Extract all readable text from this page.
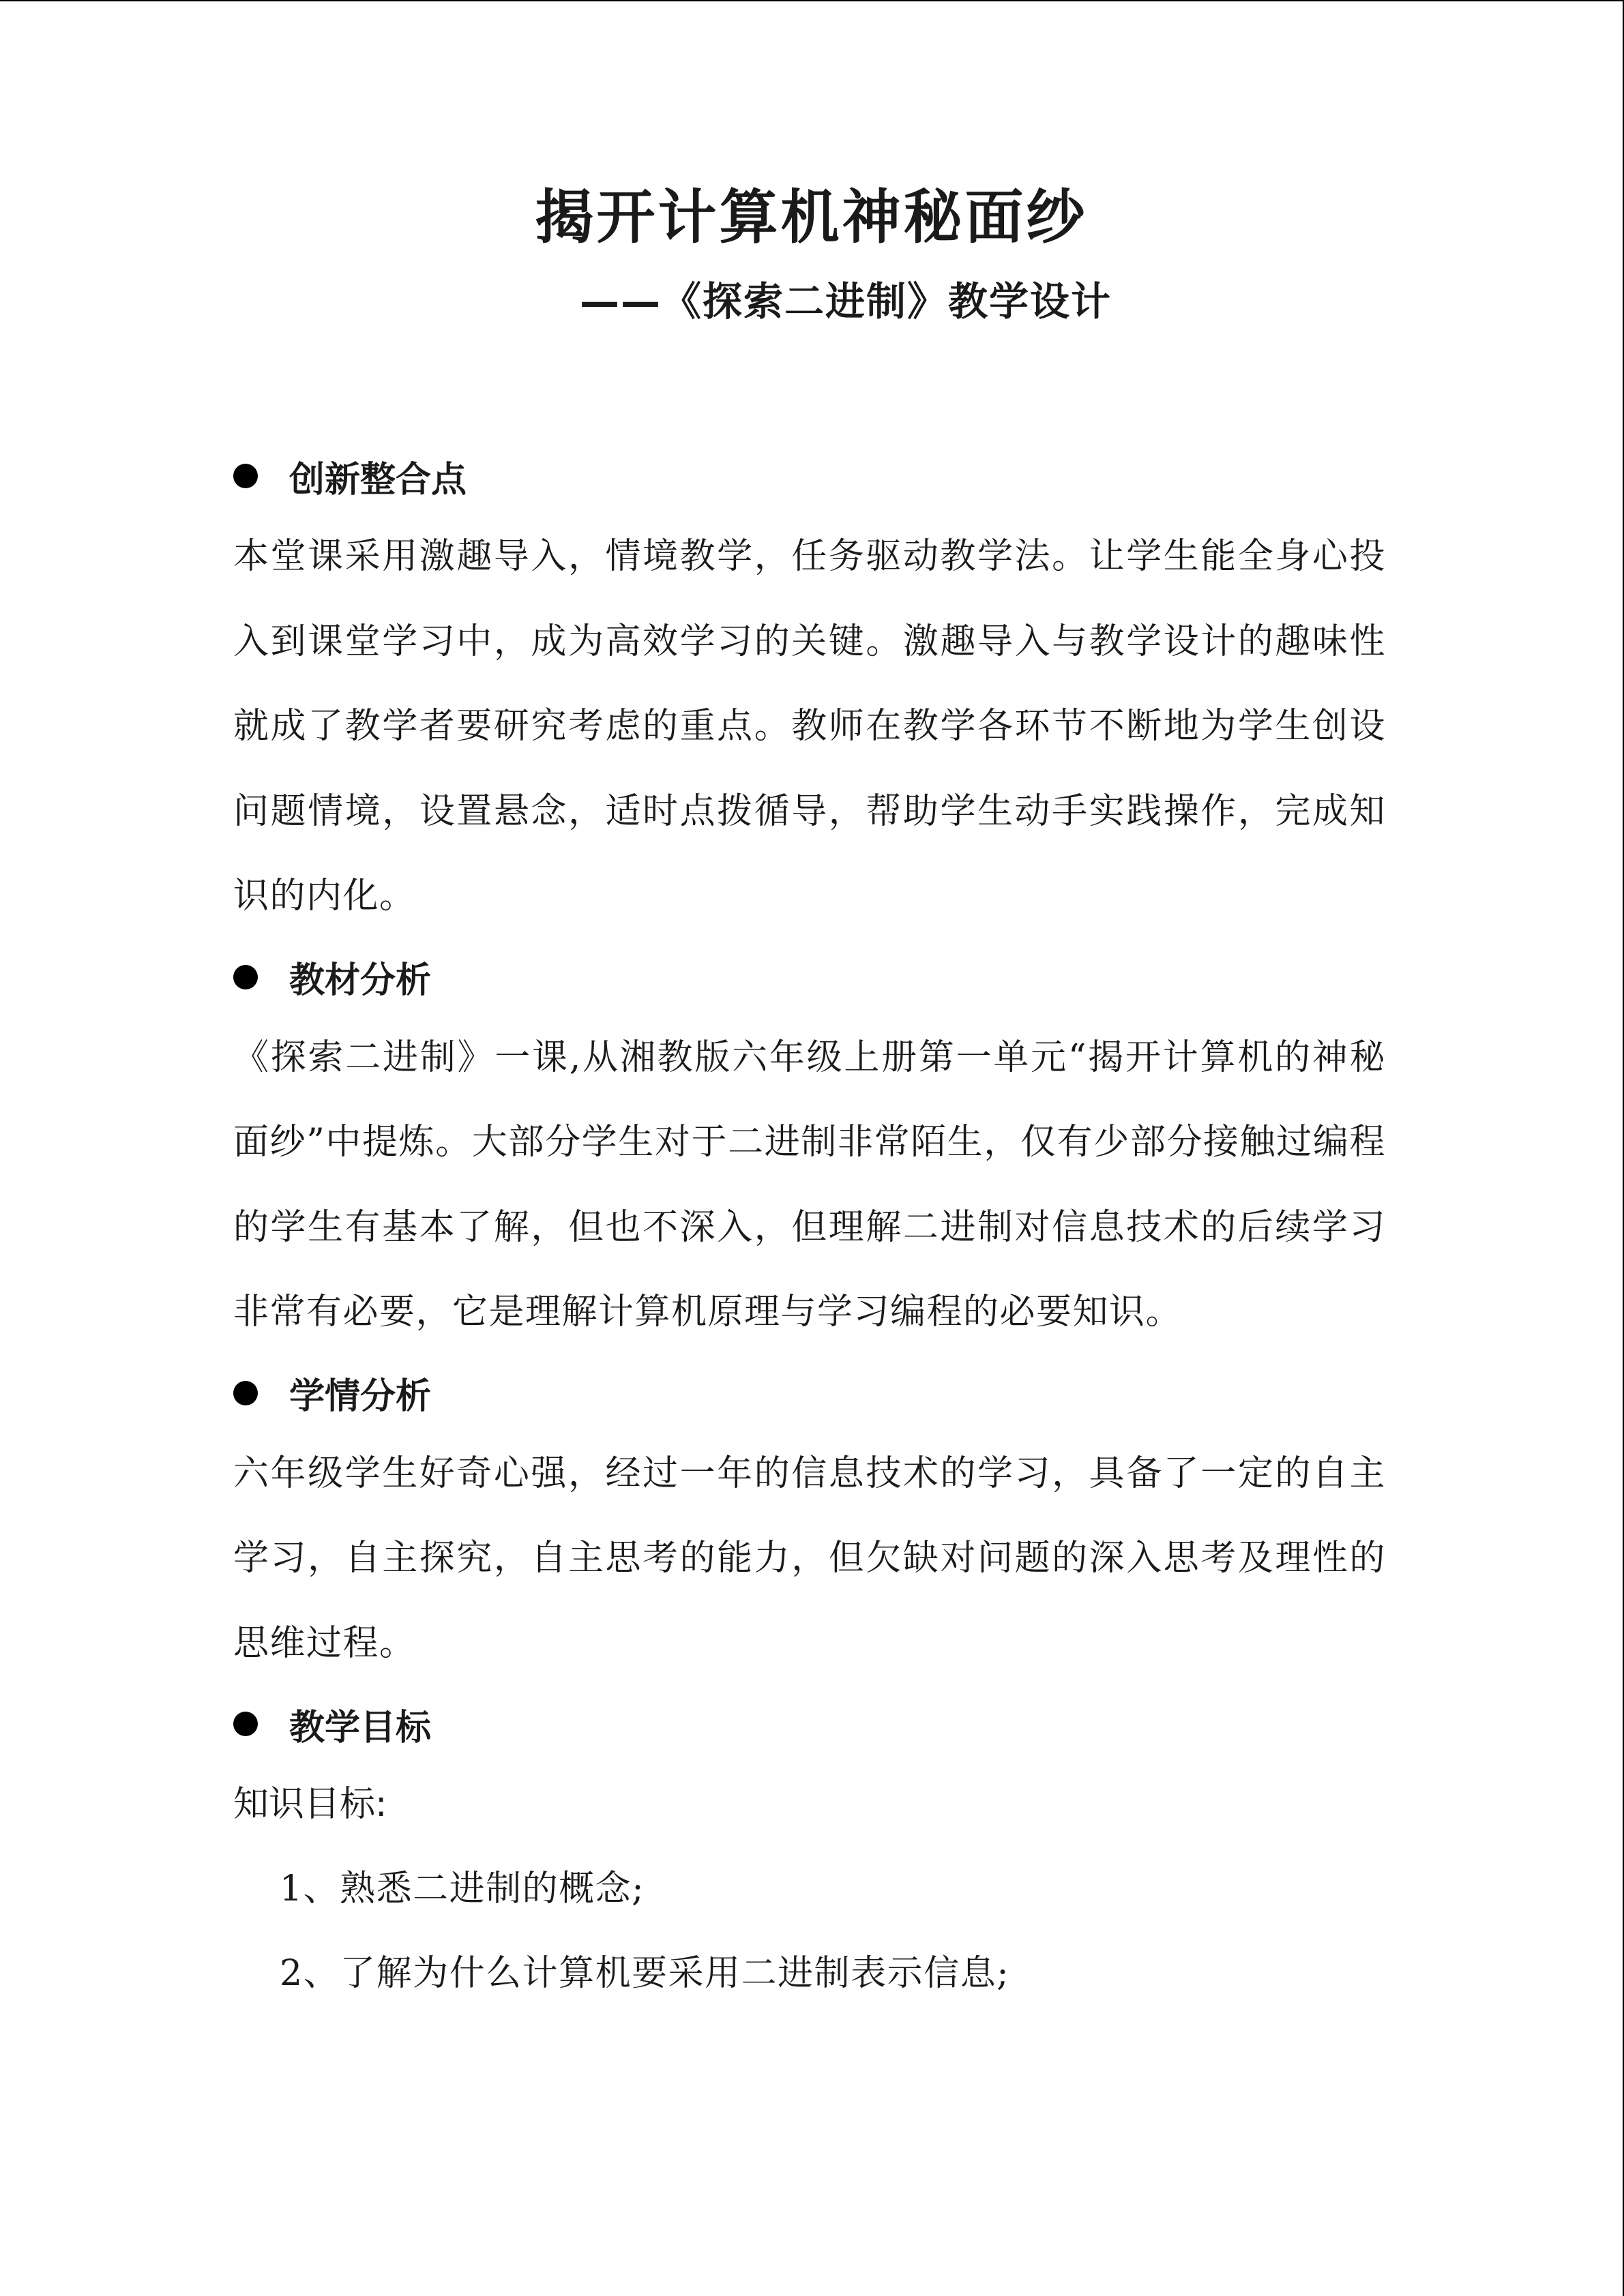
揭开计算机神秘面纱
——《探索二进制》教学设计
创新整合点

本堂课采用激趣导入，情境教学，任务驱动教学法。让学生能全身心投入到课堂学习中，成为高效学习的关键。激趣导入与教学设计的趣味性就成了教学者要研究考虑的重点。教师在教学各环节不断地为学生创设问题情境，设置悬念，适时点拨循导，帮助学生动手实践操作，完成知识的内化。

教材分析

《探索二进制》一课,从湘教版六年级上册第一单元“揭开计算机的神秘面纱”中提炼。大部分学生对于二进制非常陌生，仅有少部分接触过编程的学生有基本了解，但也不深入，但理解二进制对信息技术的后续学习非常有必要，它是理解计算机原理与学习编程的必要知识。

学情分析

六年级学生好奇心强，经过一年的信息技术的学习，具备了一定的自主学习，自主探究，自主思考的能力，但欠缺对问题的深入思考及理性的思维过程。

教学目标
知识目标:
1、熟悉二进制的概念;
2、了解为什么计算机要采用二进制表示信息;
